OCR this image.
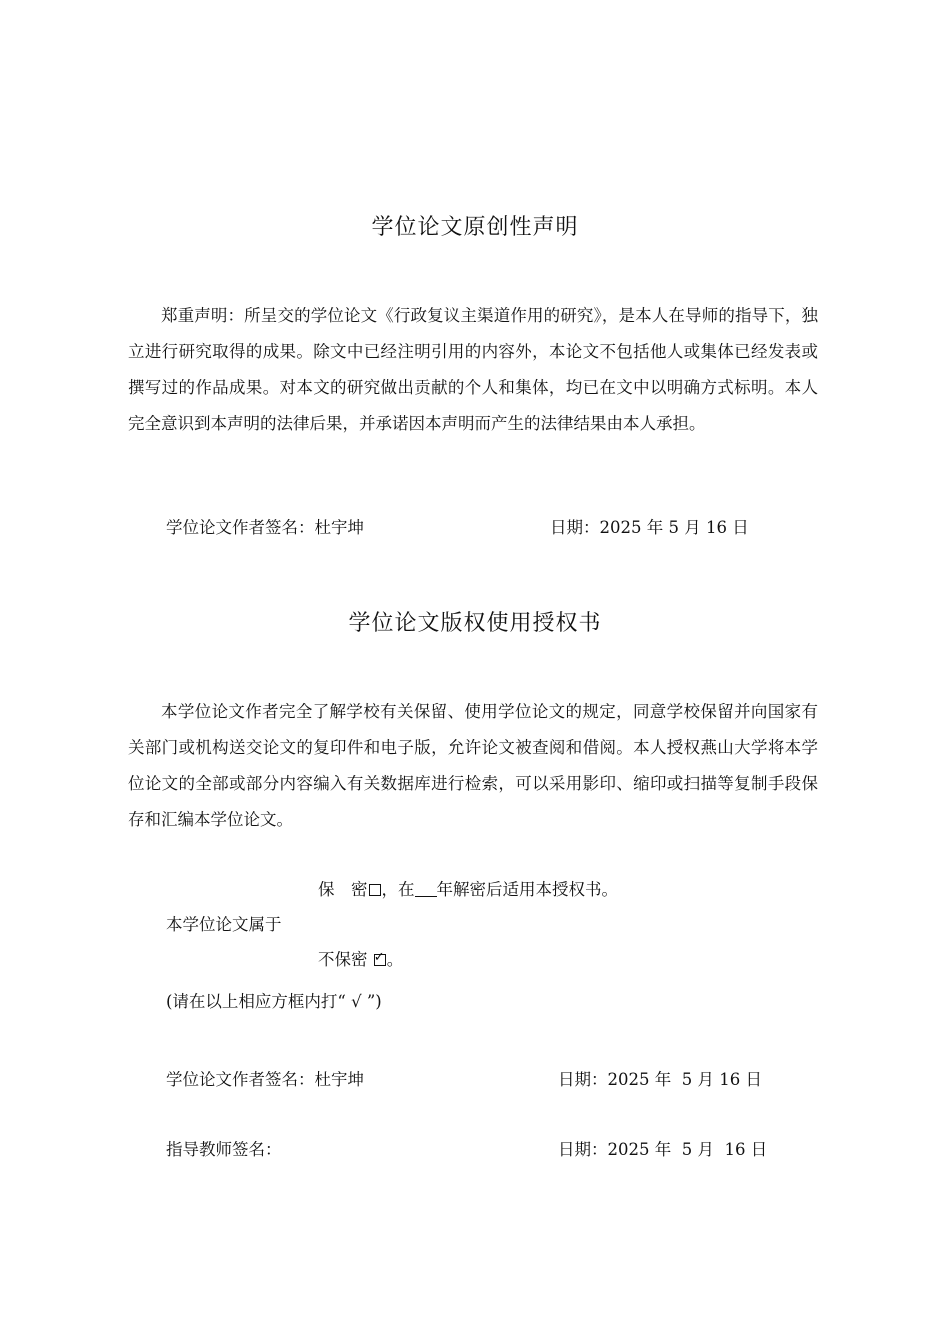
学位论文原创性声明

郑重声明：所呈交的学位论文《行政复议主渠道作用的研究》，是本人在导师的指导下，独立进行研究取得的成果。除文中已经注明引用的内容外，本论文不包括他人或集体已经发表或撰写过的作品成果。对本文的研究做出贡献的个人和集体，均已在文中以明确方式标明。本人完全意识到本声明的法律后果，并承诺因本声明而产生的法律结果由本人承担。

学位论文作者签名：杜宇坤	日期：2025 年 5 月 16 日
学位论文版权使用授权书

本学位论文作者完全了解学校有关保留、使用学位论文的规定，同意学校保留并向国家有关部门或机构送交论文的复印件和电子版，允许论文被查阅和借阅。本人授权燕山大学将本学位论文的全部或部分内容编入有关数据库进行检索，可以采用影印、缩印或扫描等复制手段保存和汇编本学位论文。

保　密 ，在 年解密后适用本授权书。
本学位论文属于
不保密 ✓ 。
(请在以上相应方框内打“ √ ”)
学位论文作者签名：杜宇坤	日期：2025 年  5 月 16 日
指导教师签名：	日期：2025 年  5 月  16 日
